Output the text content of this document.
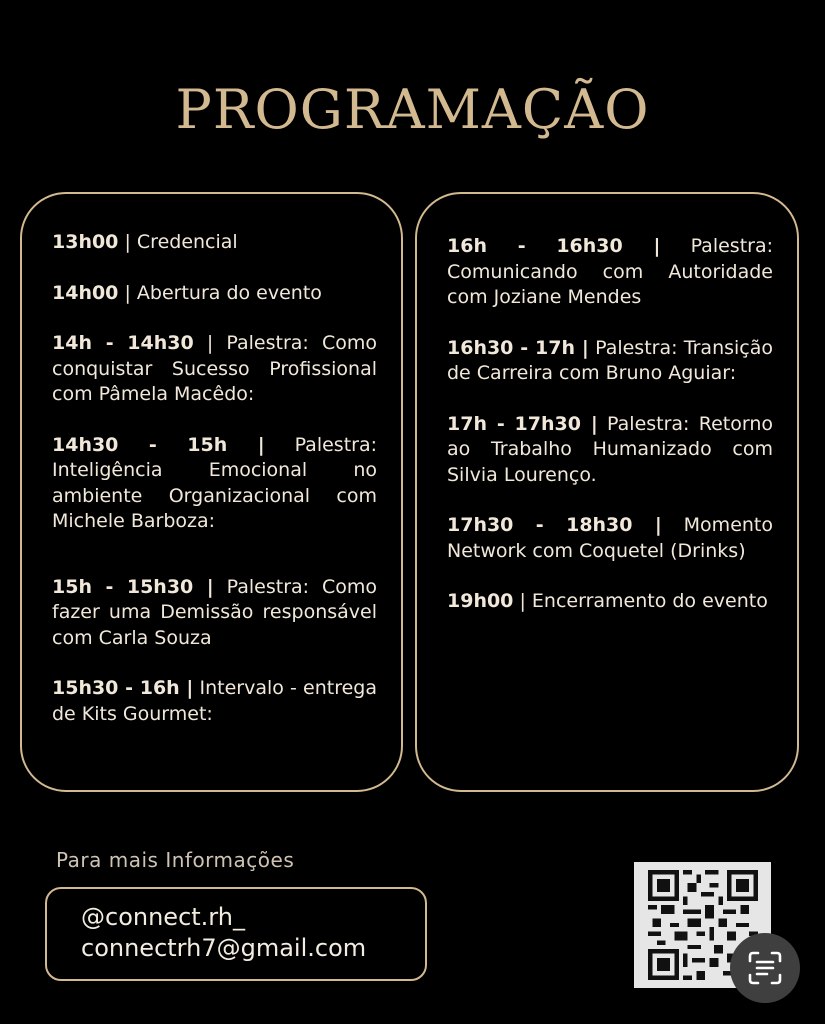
PROGRAMAÇÃO
13h00 | Credencial
14h00 | Abertura do evento
14h - 14h30 | Palestra: Como conquistar Sucesso Profissional com Pâmela Macêdo:
14h30 - 15h | Palestra: Inteligência Emocional no ambiente Organizacional com Michele Barboza:
15h - 15h30 | Palestra: Como fazer uma Demissão responsável com Carla Souza
15h30 - 16h | Intervalo - entrega de Kits Gourmet:
16h - 16h30 | Palestra: Comunicando com Autoridade com Joziane Mendes
16h30 - 17h | Palestra: Transição de Carreira com Bruno Aguiar:
17h - 17h30 | Palestra: Retorno ao Trabalho Humanizado com Silvia Lourenço.
17h30 - 18h30 | Momento Network com Coquetel (Drinks)
19h00 | Encerramento do evento
Para mais Informações
@connect.rh_
connectrh7@gmail.com
